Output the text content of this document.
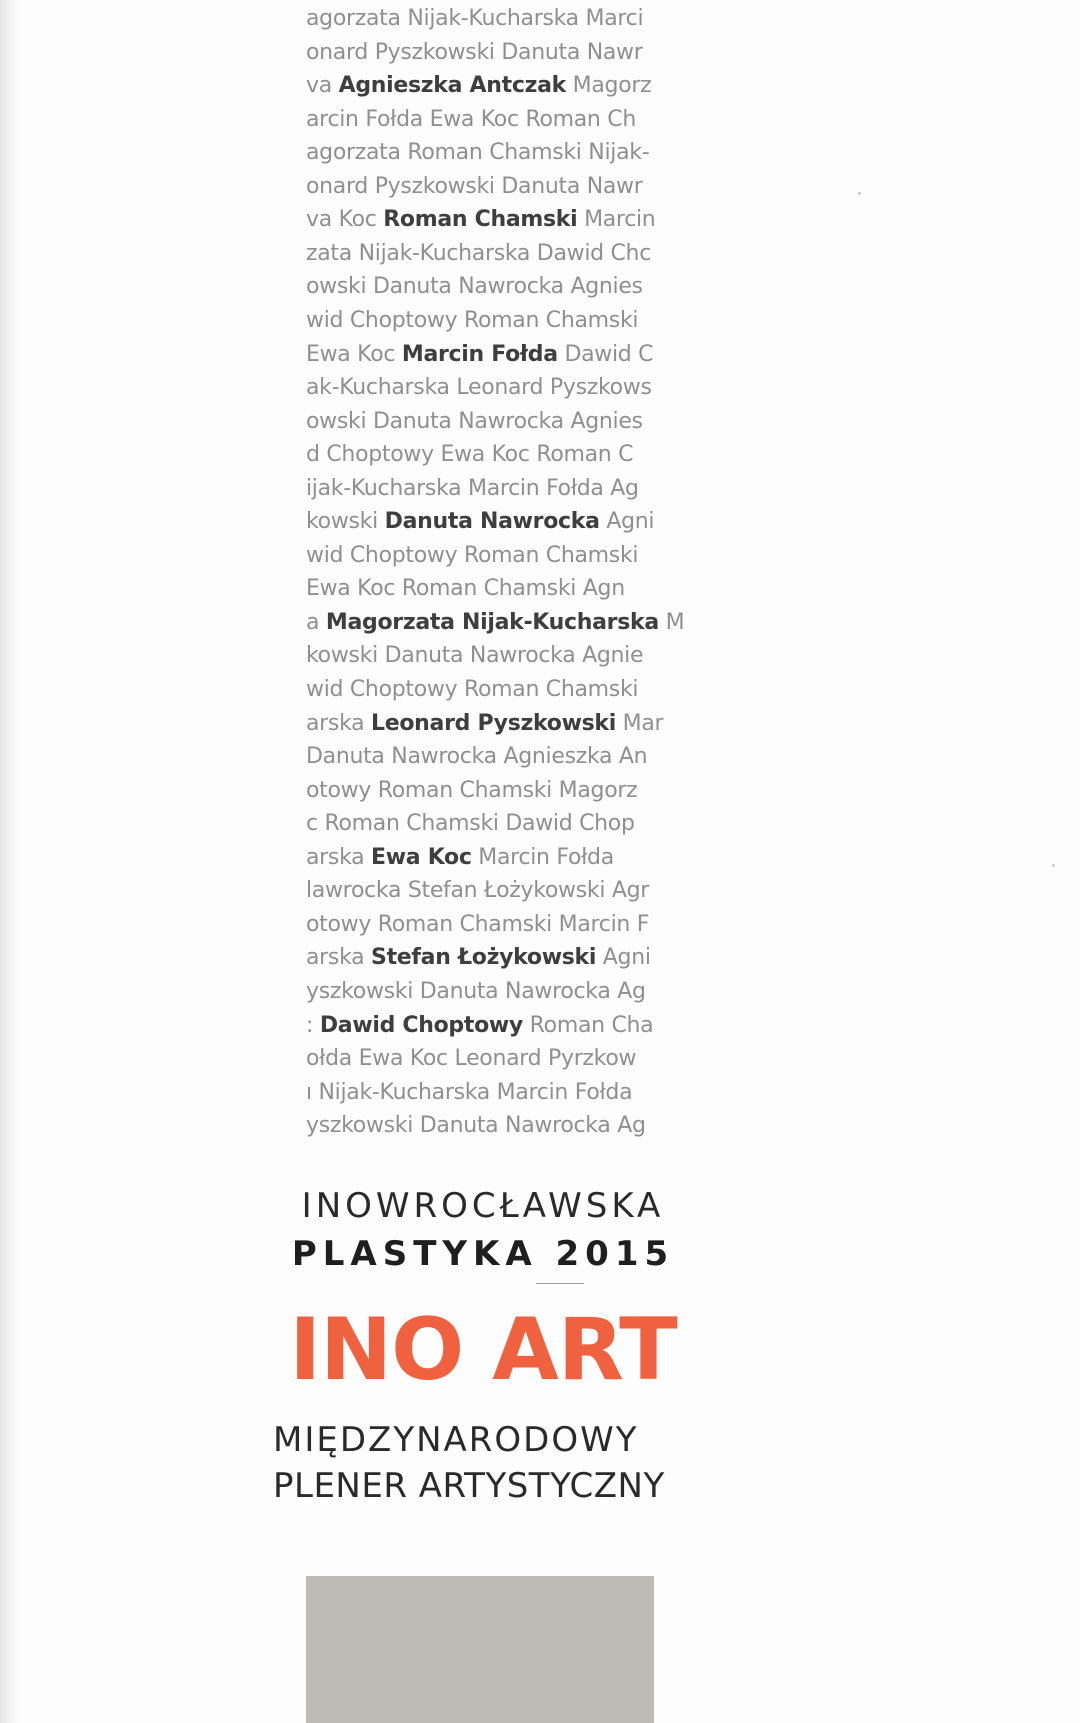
agorzata Nijak-Kucharska Marci
onard Pyszkowski Danuta Nawr
va Agnieszka Antczak Magorz
arcin Fołda Ewa Koc Roman Ch
agorzata Roman Chamski Nijak-
onard Pyszkowski Danuta Nawr
va Koc Roman Chamski Marcin
zata Nijak-Kucharska Dawid Chc
owski Danuta Nawrocka Agnies
wid Choptowy Roman Chamski
Ewa Koc Marcin Fołda Dawid C
ak-Kucharska Leonard Pyszkows
owski Danuta Nawrocka Agnies
d Choptowy Ewa Koc Roman C
ijak-Kucharska Marcin Fołda Ag
kowski Danuta Nawrocka Agni
wid Choptowy Roman Chamski
Ewa Koc Roman Chamski Agn
a Magorzata Nijak-Kucharska M
kowski Danuta Nawrocka Agnie
wid Choptowy Roman Chamski
arska Leonard Pyszkowski Mar
Danuta Nawrocka Agnieszka An
otowy Roman Chamski Magorz
c Roman Chamski Dawid Chop
arska Ewa Koc Marcin Fołda
lawrocka Stefan Łożykowski Agr
otowy Roman Chamski Marcin F
arska Stefan Łożykowski Agni
yszkowski Danuta Nawrocka Ag
: Dawid Choptowy Roman Cha
ołda Ewa Koc Leonard Pyrzkow
ı Nijak-Kucharska Marcin Fołda
yszkowski Danuta Nawrocka Ag
INOWROCŁAWSKA
PLASTYKA 2015
INO ART
MIĘDZYNARODOWY
PLENER ARTYSTYCZNY
